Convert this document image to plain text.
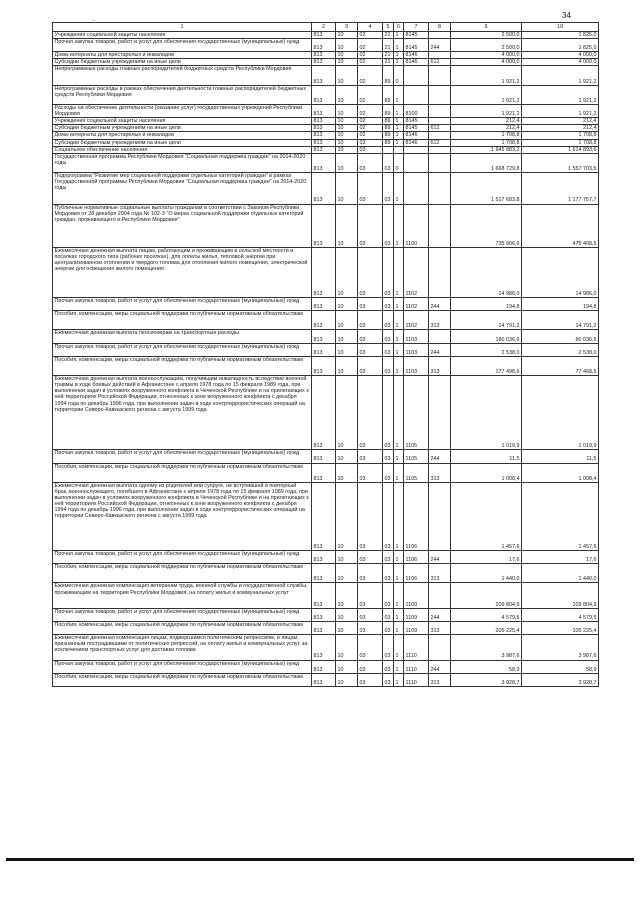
34
–
1	2	3	4	5	6	7	8	9	10
Учреждения социальной защиты населения	813	10	02	21	1	8145		2 500,0	1 825,0
Прочая закупка товаров, работ и услуг для обеспечения государственных (муниципальных) нужд	813	10	02	21	1	8145	244	2 500,0	1 825,0
Дома-интернаты для престарелых и инвалидов	813	10	02	21	1	8146		4 000,0	4 000,0
Субсидии бюджетным учреждениям на иные цели	813	10	02	21	1	8146	612	4 000,0	4 000,0
Непрограммные расходы главных распорядителей бюджетных средств Республики Мордовия	813	10	02	89	0			1 921,2	1 921,2
Непрограммные расходы в рамках обеспечения деятельности главных распорядителей бюджетных средств Республики Мордовия	813	10	02	89	1			1 921,2	1 921,2
Расходы на обеспечение деятельности (оказание услуг) государственных учреждений Республики Мордовия	813	10	02	89	1	8100		1 921,2	1 921,2
Учреждения социальной защиты населения	813	10	02	89	1	8145		212,4	212,4
Субсидии бюджетным учреждениям на иные цели	813	10	02	89	1	8145	612	212,4	212,4
Дома-интернаты для престарелых и инвалидов	813	10	02	89	1	8146		1 708,8	1 708,8
Субсидии бюджетным учреждениям на иные цели	813	10	02	89	1	8146	612	1 708,8	1 708,8
Социальное обеспечение населения	813	10	03					1 945 883,2	1 614 893,6
Государственная программа Республики Мордовия "Социальная поддержка граждан" на 2014-2020 годы	813	10	03	03	0			1 668 729,8	1 557 703,5
Подпрограмма "Развитие мер социальной поддержки отдельных категорий граждан" в рамках Государственной программы Республики Мордовия "Социальная поддержка граждан" на 2014-2020 годы	813	10	03	03	1			1 517 683,8	1 177 757,7
Публичные нормативные социальные выплаты гражданам в соответствии с Законом Республики Мордовия от 28 декабря 2004 года № 102-З "О мерах социальной поддержки отдельных категорий граждан, проживающего в Республике Мордовия"	813	10	03	03	1	1100		735 906,6	475 408,5
Ежемесячная денежная выплата лицам, работающим и проживающим в сельской местности и поселках городского типа (рабочих поселках), для оплаты жилья, тепловой энергии при централизованном отоплении и твердого топлива для отопления жилого помещения, электрической энергии для освещения жилого помещения	813	10	03	03	1	1102		14 986,0	14 986,0
Прочая закупка товаров, работ и услуг для обеспечения государственных (муниципальных) нужд	813	10	03	03	1	1102	244	194,8	194,8
Пособия, компенсации, меры социальной поддержки по публичным нормативным обязательствам	813	10	03	03	1	1102	313	14 791,2	14 791,2
Ежемесячная денежная выплата пенсионерам на транспортные расходы	813	10	03	03	1	1103		180 036,6	80 036,6
Прочая закупка товаров, работ и услуг для обеспечения государственных (муниципальных) нужд	813	10	03	03	1	1103	244	2 538,0	2 538,0
Пособия, компенсации, меры социальной поддержки по публичным нормативным обязательствам	813	10	03	03	1	1103	313	177 498,6	77 468,5
Ежемесячная денежная выплата военнослужащим, получившим инвалидность вследствие военной травмы в ходе боевых действий в Афганистане с апреля 1978 года по 15 февраля 1989 года, при выполнении задач в условиях вооруженного конфликта в Чеченской Республике и на прилегающих к ней территориях Российской Федерации, отнесенных к зоне вооруженного конфликта с декабря 1994 года по декабрь 1996 года, при выполнении задач в ходе контртеррористических операций на территории Северо-Кавказского региона с августа 1999 года	813	10	03	03	1	1105		1 019,9	1 019,9
Прочая закупка товаров, работ и услуг для обеспечения государственных (муниципальных) нужд	813	10	03	03	1	1105	244	11,5	11,5
Пособия, компенсации, меры социальной поддержки по публичным нормативным обязательствам	813	10	03	03	1	1105	313	1 008,4	1 008,4
Ежемесячная денежная выплата одному из родителей или супруге, не вступившей в повторный брак, военнослужащего, погибшего в Афганистане с апреля 1978 года по 15 февраля 1989 года, при выполнении задач в условиях вооруженного конфликта в Чеченской Республике и на прилегающих к ней территориях Российской Федерации, отнесенных к зоне вооруженного конфликта с декабря 1994 года по декабрь 1996 года, при выполнении задач в ходе контртеррористических операций на территории Северо-Кавказского региона с августа 1999 года	813	10	03	03	1	1106		1 457,6	1 457,6
Прочая закупка товаров, работ и услуг для обеспечения государственных (муниципальных) нужд	813	10	03	03	1	1106	244	17,6	17,6
Пособия, компенсации, меры социальной поддержки по публичным нормативным обязательствам	813	10	03	03	1	1106	313	1 440,0	1 440,0
Ежемесячная денежная компенсация ветеранам труда, военной службы и государственной службы, проживающим на территории Республики Мордовия, на оплату жилья и коммунальных услуг	813	10	03	03	1	1109		209 804,9	109 804,9
Прочая закупка товаров, работ и услуг для обеспечения государственных (муниципальных) нужд	813	10	03	03	1	1109	244	4 579,5	4 579,5
Пособия, компенсации, меры социальной поддержки по публичным нормативным обязательствам	813	10	03	03	1	1109	313	205 225,4	105 225,4
Ежемесячная денежная компенсация лицам, подвергшимся политическим репрессиям, и лицам, признанным пострадавшими от политических репрессий, на оплату жилья и коммунальных услуг, за исключением транспортных услуг для доставки топлива	813	10	03	03	1	1110		3 987,6	3 987,6
Прочая закупка товаров, работ и услуг для обеспечения государственных (муниципальных) нужд	813	10	03	03	1	1110	244	58,9	58,9
Пособия, компенсации, меры социальной поддержки по публичным нормативным обязательствам	813	10	03	03	1	1110	313	3 928,7	3 928,7
